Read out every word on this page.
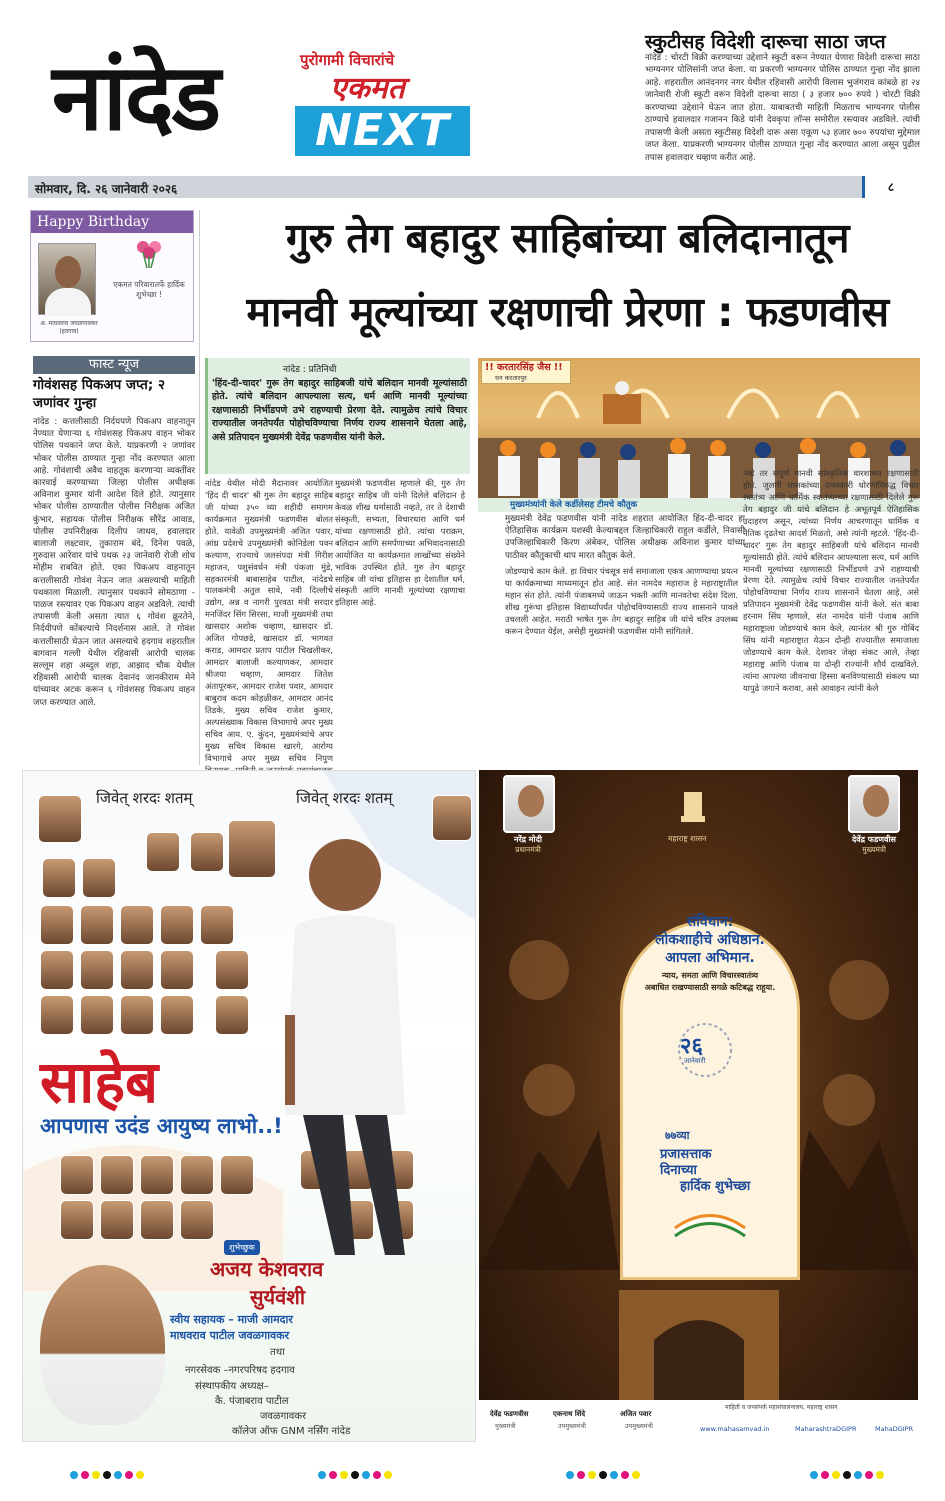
नांदेड	पुरोगामी विचारांचे
एकमत
NEXT
स्कुटीसह विदेशी दारूचा साठा जप्त
नांदेड : चोरटी विक्री करण्याच्या उद्देशाने स्कुटी वरून नेण्यात येणारा विदेशी दारूचा साठा भाग्यनगर पोलिसांनी जप्त केला. या प्रकरणी भाग्यनगर पोलिस ठाण्यात गुन्हा नोंद झाला आहे. शहरातील आनंदनगर नगर येथील रहिवासी आरोपी विलास भुजंगराव कांबळे हा २४ जानेवारी रोजी स्कुटी वरून विदेशी दारूचा साठा ( ३ हजार ७०० रुपये ) चोरटी विक्री करण्याच्या उद्देशाने घेऊन जात होता. याबाबतची माहिती मिळताच भाग्यनगर पोलीस ठाण्याचे हवालदार गजानन किडे यांनी देवकृपा लॉन्स समोरील रस्त्यावर अडविले. त्यांची तपासणी केली असता स्कुटीसह विदेशी दारू असा एकूण ५३ हजार ७०० रुपयांचा मुद्देमाल जप्त केला. याप्रकरणी भाग्यनगर पोलीस ठाण्यात गुन्हा नोंद करण्यात आला असून पुढील तपास हवालदार चव्हाण करीत आहे.
सोमवार, दि. २६ जानेवारी २०२६	८
Happy Birthday
अ. माधवराव जवळगावकर (हदगाव)
एकमत परिवारातर्फे हार्दिक शुभेच्छा !
गुरु तेग बहादुर साहिबांच्या बलिदानातून
मानवी मूल्यांच्या रक्षणाची प्रेरणा : फडणवीस
फास्ट न्यूज
गोवंशसह पिकअप जप्त; २ जणांवर गुन्हा
नांदेड : कत्तलीसाठी निर्दयपणे पिकअप वाहनातून नेण्यात येणाऱ्या ६ गोवंशसह पिकअप वाहन भोकर पोलिस पथकाने जप्त केले. याप्रकरणी २ जणांवर भोकर पोलीस ठाण्यात गुन्हा नोंद करण्यात आला आहे. गोवंशाची अवैध वाहतूक करणाऱ्या व्यक्तींवर कारवाई करण्याच्या जिल्हा पोलीस अधीक्षक अविनाश कुमार यांनी आदेश दिले होते. त्यानुसार भोकर पोलीस ठाण्यातील पोलीस निरीक्षक अजित कुंभार, सहायक पोलीस निरीक्षक सौरेंद्र आवाड, पोलीस उपनिरीक्षक दिलीप जाधव, हवालदार बालाजी लक्ष्टवार, तुकाराम बंदे, दिनेश पवळे, गुरुदास आरेवार यांचे पथक २३ जानेवारी रोजी शोध मोहीम राबवित होते. एका पिकअप वाहनातून कत्तलीसाठी गोवंश नेऊन जात असल्याची माहिती पथकाला मिळाली. त्यानुसार पथकाने सोमठाणा - पाळज रस्त्यावर एक पिकअप वाहन अडविले. त्याची तपासणी केली असता त्यात ६ गोवंश क्रूरतेने, निर्दयीपणे कोंबल्याचे निदर्शनास आले. ते गोवंश कत्तलीसाठी घेऊन जात असल्याचे हदगाव शहरातील बागवान गल्ली येथील रहिवासी आरोपी चालक सल्लूम शहा अब्दुल शहा, आझाद चौक येथील रहिवासी आरोपी चालक देवानंद जानकीराम मेने यांच्यावर अटक करून ६ गोवंशसह पिकअप वाहन जप्त करण्यात आले.
नांदेड : प्रतिनिधी
'हिंद-दी-चादर' गुरू तेग बहादुर साहिबजी यांचे बलिदान मानवी मूल्यांसाठी होते. त्यांचे बलिदान आपल्याला सत्य, धर्म आणि मानवी मूल्यांच्या रक्षणासाठी निर्भीडपणे उभे राहण्याची प्रेरणा देते. त्यामुळेच त्यांचे विचार राज्यातील जनतेपर्यंत पोहोचविण्याचा निर्णय राज्य शासनाने घेतला आहे, असे प्रतिपादन मुख्यमंत्री देवेंद्र फडणवीस यांनी केले.
!! करतारसिंह जैस !!
धन करतारपुर
मुख्यमंत्र्यांनी केले कर्डीलेसह टीमचे कौतुक
मुख्यमंत्री देवेंद्र फडणवीस यांनी नांदेड शहरात आयोजित हिंद-दी-चादर हा ऐतिहासिक कार्यक्रम यशस्वी केल्याबद्दल जिल्हाधिकारी राहुल कर्डीले, निवासी उपजिल्हाधिकारी किरण अंबेकर, पोलिस अधीक्षक अविनाश कुमार यांच्या पाठीवर कौतुकाची थाप मारत कौतुक केले.
नांदेड येथील मोदी मैदानावर आयोजित 'हिंद दी चादर' श्री गुरू तेग बहादुर साहिब जी यांच्या ३५० व्या शहीदी समागम कार्यक्रमात मुख्यमंत्री फडणवीस बोलत होते. यावेळी उपमुख्यमंत्री अजित पवार, आंध्र प्रदेशचे उपमुख्यमंत्री कोनिडेला पवन कल्याण, राज्याचे जलसंपदा मंत्री गिरीश महाजन, पशुसंवर्धन मंत्री पंकजा मुंडे, सहकारमंत्री बाबासाहेब पाटील, नांदेडचे पालकमंत्री अतुल सावे, नवी दिल्लीचे उद्योग, अन्न व नागरी पुरवठा मंत्री सरदार मनजिंदर सिंग सिरसा, माजी मुख्यमंत्री तथा खासदार अशोक चव्हाण, खासदार डॉ. अजित गोपछडे, खासदार डॉ. भागवत कराड, आमदार प्रताप पाटील चिखलीकर, आमदार बालाजी कल्याणकर, आमदार श्रीजया चव्हाण, आमदार जितेश अंतापूरकर, आमदार राजेश पवार, आमदार बाबुराव कदम कोहळीकर, आमदार आनंद तिडके, मुख्य सचिव राजेश कुमार, अल्पसंख्याक विकास विभागाचे अपर मुख्य सचिव आय. ए. कुंदन, मुख्यमंत्र्यांचे अपर मुख्य सचिव विकास खारगे, आरोग्य विभागाचे अपर मुख्य सचिव निपुण
मुख्यमंत्री फडणवीस म्हणाले की, गुरु तेग बहादुर साहिब जी यांनी दिलेले बलिदान हे केवळ शीख धर्मासाठी नव्हते, तर ते देशाची संस्कृती, सभ्यता, विचारधारा आणि धर्म यांच्या रक्षणासाठी होते. त्यांचा पराक्रम, बलिदान आणि समर्पणाच्या अभिवादनासाठी आयोजित या कार्यक्रमात लाखोंच्या संख्येने भाविक उपस्थित होते. गुरु तेग बहादुर साहिब जी यांचा इतिहास हा देशातील धर्म, संस्कृती आणि मानवी मूल्यांच्या रक्षणाचा इतिहास आहे.
जोडण्याचे काम केले. हा विचार पंचसूत्र सर्व समाजाला एकत्र आणण्याचा प्रयत्न या कार्यक्रमाच्या माध्यमातून होत आहे. संत नामदेव महाराज हे महाराष्ट्रातील महान संत होते. त्यांनी पंजाबमध्ये जाऊन भक्ती आणि मानवतेचा संदेश दिला. शीख गुरूंचा इतिहास विद्यार्थ्यांपर्यंत पोहोचविण्यासाठी राज्य शासनाने पावले उचलली आहेत. मराठी भाषेत गुरू तेग बहादुर साहिब जी यांचे चरित्र उपलब्ध करून देण्यात येईल, असेही मुख्यमंत्री फडणवीस यांनी सांगितले.
नव्हे तर संपूर्ण मानवी सांस्कृतिक वारशाच्या रक्षणासाठी होते. जुलमी शासकांच्या दमनकारी धोरणांविरुद्ध विचार स्वातंत्र्य आणि धार्मिक स्वातंत्र्याच्या रक्षणासाठी दिलेले गुरू तेग बहादुर जी यांचे बलिदान हे अभूतपूर्व ऐतिहासिक उदाहरण असून, त्यांच्या निर्णय आचरणातून धार्मिक व नैतिक दृढतेचा आदर्श मिळतो, असे त्यांनी म्हटले. 'हिंद-दी-चादर' गुरू तेग बहादुर साहिबजी यांचे बलिदान मानवी मूल्यांसाठी होते. त्यांचे बलिदान आपल्याला सत्य, धर्म आणि मानवी मूल्यांच्या रक्षणासाठी निर्भीडपणे उभे राहण्याची प्रेरणा देते. त्यामुळेच त्यांचे विचार राज्यातील जनतेपर्यंत पोहोचविण्याचा निर्णय राज्य शासनाने घेतला आहे, असे प्रतिपादन मुख्यमंत्री देवेंद्र फडणवीस यांनी केले. संत बाबा हरनाम सिंघ म्हणाले, संत नामदेव यांनी पंजाब आणि महाराष्ट्राला जोडण्याचे काम केले, त्यानंतर श्री गुरु गोबिंद सिंघ यांनी महाराष्ट्रात येऊन दोन्ही राज्यातील समाजाला जोडण्याचे काम केले. देशावर जेव्हा संकट आले, तेव्हा महाराष्ट्र आणि पंजाब या दोन्ही राज्यांनी शौर्य दाखविले. त्यांना आपल्या जीवनाचा हिस्सा बनविण्यासाठी संकल्प घ्या यापुढे जगाने करावा, असे आवाहन त्यांनी केले
जिवेत् शरदः शतम्	जिवेत् शरदः शतम्
साहेब
आपणास उदंड आयुष्य लाभो..!
शुभेच्छुक
अजय केशवराव
सुर्यवंशी
स्वीय सहायक – माजी आमदार
माधवराव पाटील जवळगावकर
तथा
नगरसेवक –नगरपरिषद हदगाव
संस्थापकीय अध्यक्ष–
कै. पंजाबराव पाटील
जवळगावकर
कॉलेज ऑफ GNM नर्सिंग नांदेड
महाराष्ट्र शासन
नरेंद्र मोदी
प्रधानमंत्री
देवेंद्र फडणवीस
मुख्यमंत्री
संविधान:
लोकशाहीचे अधिष्ठान.
आपला अभिमान.
न्याय, समता आणि विचारस्वातंत्र्य
अबाधित राखण्यासाठी सगळे कटिबद्ध राहूया.
२६
जानेवारी
७७व्या
प्रजासत्ताक
दिनाच्या
हार्दिक शुभेच्छा
देवेंद्र फडणवीस
मुख्यमंत्री
एकनाथ शिंदे
उपमुख्यमंत्री
अजित पवार
उपमुख्यमंत्री
माहिती व जनसंपर्क महासंचालनालय, महाराष्ट्र शासन
www.mahasamvad.in	MaharashtraDGIPR	MahaDGIPR
